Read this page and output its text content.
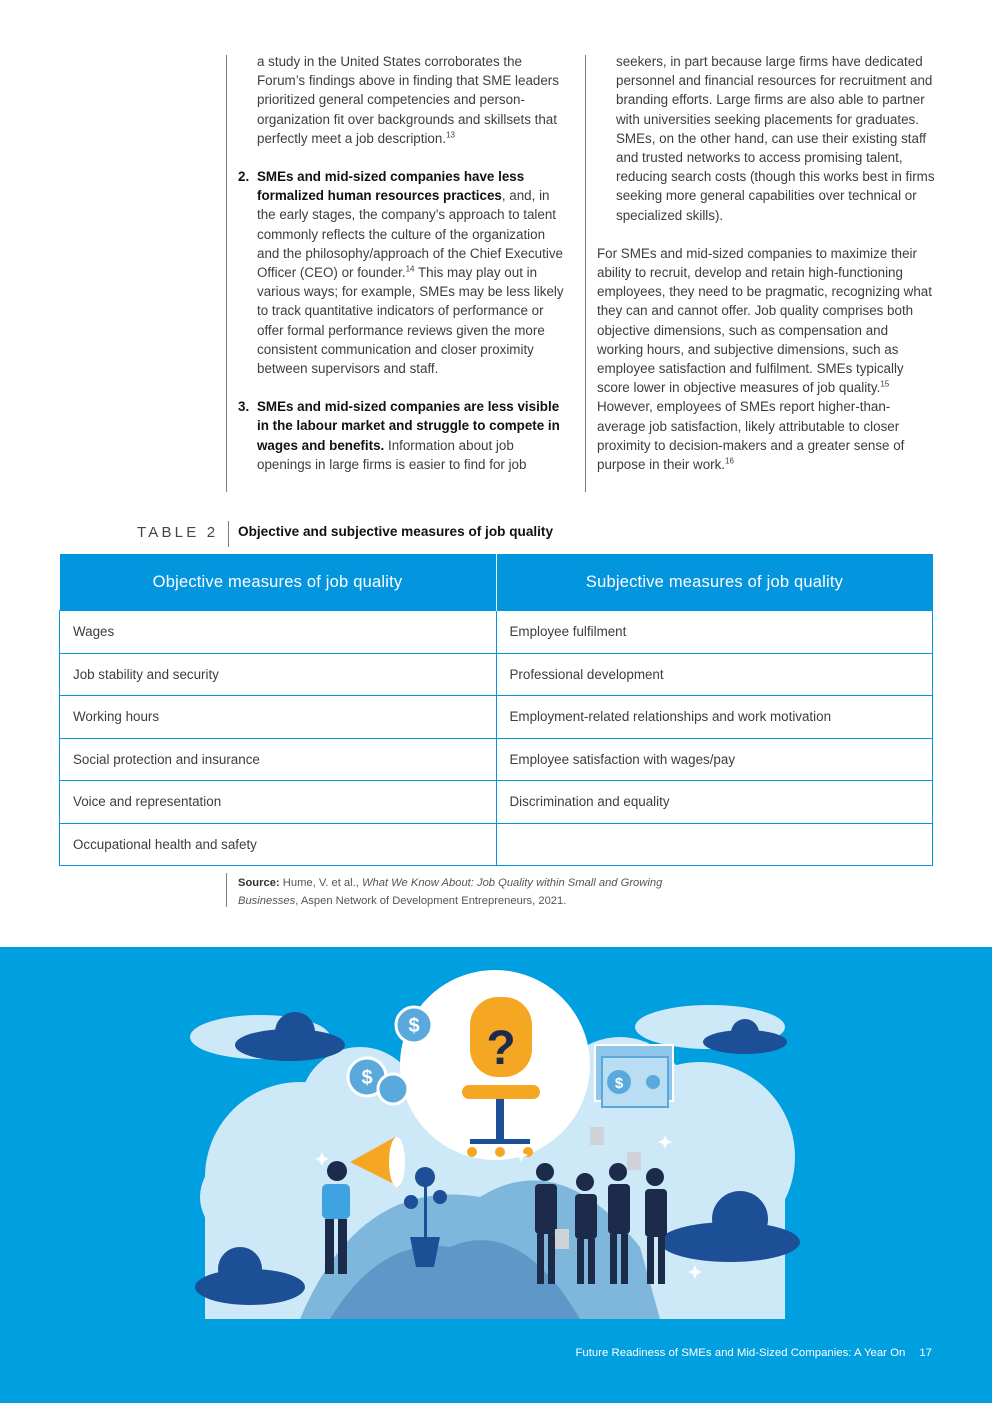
a study in the United States corroborates the Forum’s findings above in finding that SME leaders prioritized general competencies and person-organization fit over backgrounds and skillsets that perfectly meet a job description.$^{13}$

2. SMEs and mid-sized companies have less formalized human resources practices, and, in the early stages, the company’s approach to talent commonly reflects the culture of the organization and the philosophy/approach of the Chief Executive Officer (CEO) or founder.$^{14}$ This may play out in various ways; for example, SMEs may be less likely to track quantitative indicators of performance or offer formal performance reviews given the more consistent communication and closer proximity between supervisors and staff.

3. SMEs and mid-sized companies are less visible in the labour market and struggle to compete in wages and benefits. Information about job openings in large firms is easier to find for job

seekers, in part because large firms have dedicated personnel and financial resources for recruitment and branding efforts. Large firms are also able to partner with universities seeking placements for graduates. SMEs, on the other hand, can use their existing staff and trusted networks to access promising talent, reducing search costs (though this works best in firms seeking more general capabilities over technical or specialized skills).

For SMEs and mid-sized companies to maximize their ability to recruit, develop and retain high-functioning employees, they need to be pragmatic, recognizing what they can and cannot offer. Job quality comprises both objective dimensions, such as compensation and working hours, and subjective dimensions, such as employee satisfaction and fulfilment. SMEs typically score lower in objective measures of job quality.$^{15}$ However, employees of SMEs report higher-than-average job satisfaction, likely attributable to closer proximity to decision-makers and a greater sense of purpose in their work.$^{16}$

TABLE 2 Objective and subjective measures of job quality
Objective measures of job quality	Subjective measures of job quality
Wages	Employee fulfilment
Job stability and security	Professional development
Working hours	Employment-related relationships and work motivation
Social protection and insurance	Employee satisfaction with wages/pay
Voice and representation	Discrimination and equality
Occupational health and safety	
Source: Hume, V. et al., What We Know About: Job Quality within Small and Growing Businesses, Aspen Network of Development Entrepreneurs, 2021.
$
$	$
?
Future Readiness of SMEs and Mid-Sized Companies: A Year On 17
